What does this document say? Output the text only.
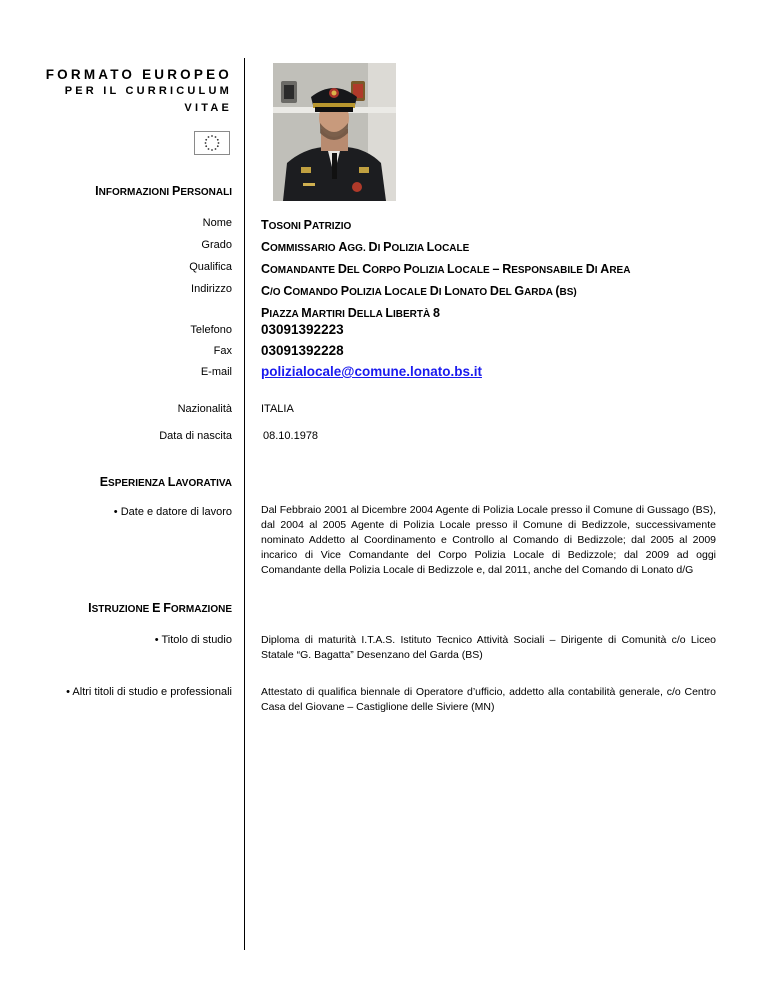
FORMATO EUROPEO
PER IL CURRICULUM
VITAE
INFORMAZIONI PERSONALI
Nome TOSONI PATRIZIO
Grado COMMISSARIO AGG. DI POLIZIA LOCALE
Qualifica COMANDANTE DEL CORPO POLIZIA LOCALE – RESPONSABILE DI AREA
Indirizzo C/O COMANDO POLIZIA LOCALE DI LONATO DEL GARDA (BS)
PIAZZA MARTIRI DELLA LIBERTÀ 8
Telefono 03091392223
Fax 03091392228
E-mail polizialocale@comune.lonato.bs.it
Nazionalità	ITALIA
Data di nascita	08.10.1978
ESPERIENZA LAVORATIVA
• Date e datore di lavoro	Dal Febbraio 2001 al Dicembre 2004 Agente di Polizia Locale presso il Comune di Gussago (BS), dal 2004 al 2005 Agente di Polizia Locale presso il Comune di Bedizzole, successivamente nominato Addetto al Coordinamento e Controllo al Comando di Bedizzole; dal 2005 al 2009 incarico di Vice Comandante del Corpo Polizia Locale di Bedizzole; dal 2009 ad oggi Comandante della Polizia Locale di Bedizzole e, dal 2011, anche del Comando di Lonato d/G
ISTRUZIONE E FORMAZIONE
• Titolo di studio	Diploma di maturità I.T.A.S. Istituto Tecnico Attività Sociali – Dirigente di Comunità c/o Liceo Statale “G. Bagatta” Desenzano del Garda (BS)
• Altri titoli di studio e professionali	Attestato di qualifica biennale di Operatore d’ufficio, addetto alla contabilità generale, c/o Centro Casa del Giovane – Castiglione delle Siviere (MN)
